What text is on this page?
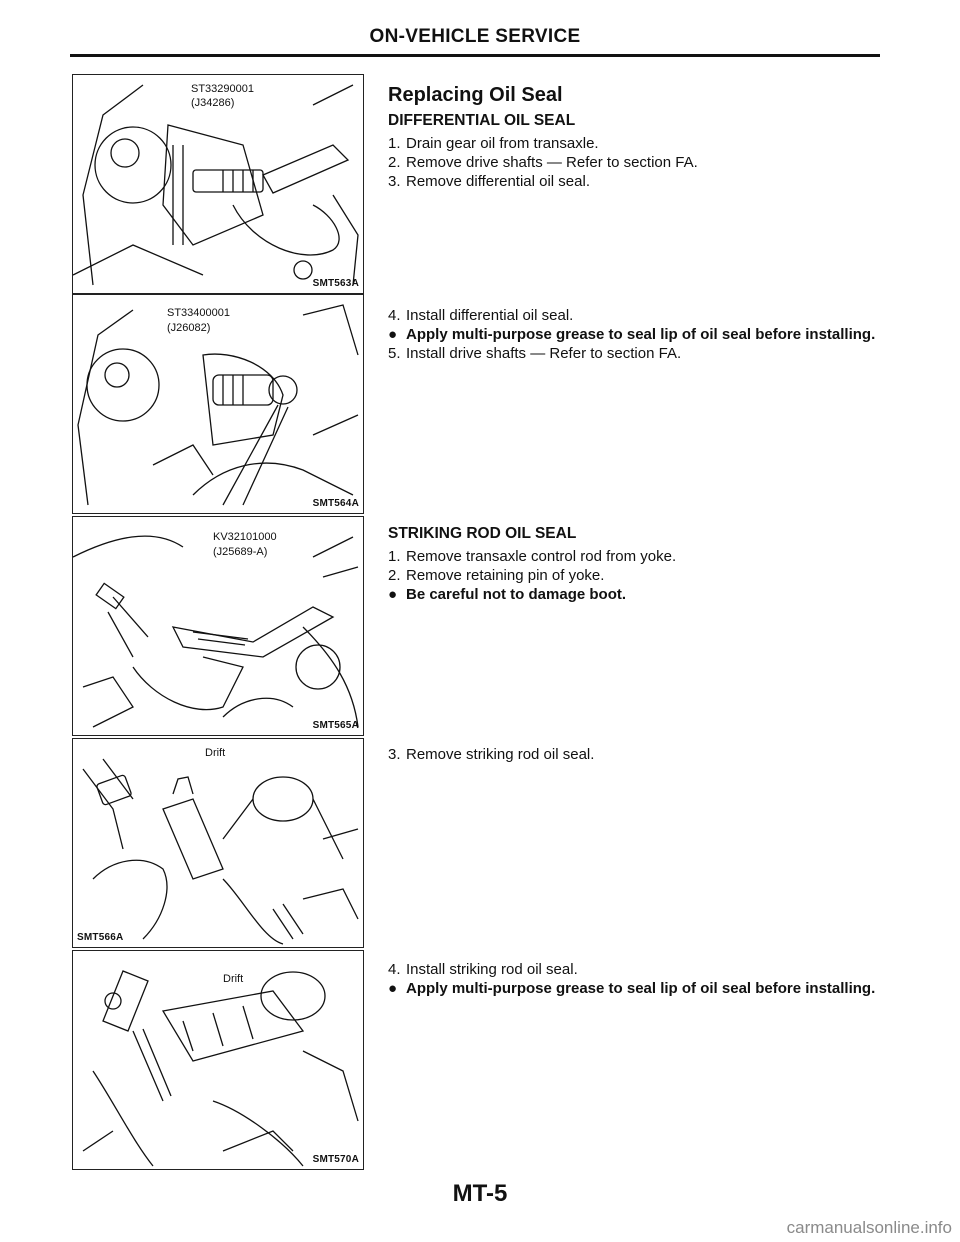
ON-VEHICLE SERVICE
ST33290001
(J34286)
SMT563A
ST33400001
(J26082)
SMT564A
KV32101000
(J25689-A)
SMT565A
Drift
SMT566A
Drift
SMT570A
Replacing Oil Seal
DIFFERENTIAL OIL SEAL
1. Drain gear oil from transaxle.
2. Remove drive shafts — Refer to section FA.
3. Remove differential oil seal.
4. Install differential oil seal.
● Apply multi-purpose grease to seal lip of oil seal before installing.
5. Install drive shafts — Refer to section FA.
STRIKING ROD OIL SEAL
1. Remove transaxle control rod from yoke.
2. Remove retaining pin of yoke.
● Be careful not to damage boot.
3. Remove striking rod oil seal.
4. Install striking rod oil seal.
● Apply multi-purpose grease to seal lip of oil seal before installing.
MT-5
carmanualsonline.info
